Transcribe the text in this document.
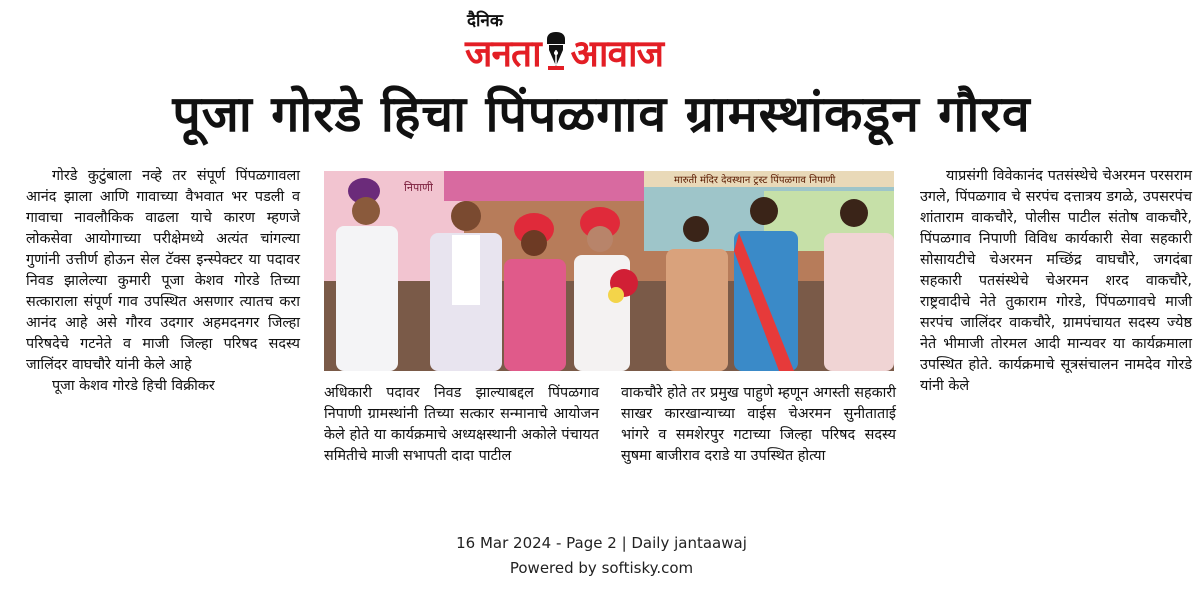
दैनिक
जनता आवाज
पूजा गोरडे हिचा पिंपळगाव ग्रामस्थांकडून गौरव

गोरडे कुटुंबाला नव्हे तर संपूर्ण पिंपळगावला आनंद झाला आणि गावाच्या वैभवात भर पडली व गावाचा नावलौकिक वाढला याचे कारण म्हणजे लोकसेवा आयोगाच्या परीक्षेमध्ये अत्यंत चांगल्या गुणांनी उत्तीर्ण होऊन सेल टॅक्स इन्स्पेक्टर या पदावर निवड झालेल्या कुमारी पूजा केशव गोरडे तिच्या सत्काराला संपूर्ण गाव उपस्थित असणार त्यातच करा आनंद आहे असे गौरव उदगार अहमदनगर जिल्हा परिषदेचे गटनेते व माजी जिल्हा परिषद सदस्य जालिंदर वाघचौरे यांनी केले आहे

पूजा केशव गोरडे हिची विक्रीकर

निपाणी
मारुती मंदिर देवस्थान ट्रस्ट पिंपळगाव निपाणी

अधिकारी पदावर निवड झाल्याबद्दल पिंपळगाव निपाणी ग्रामस्थांनी तिच्या सत्कार सन्मानाचे आयोजन केले होते या कार्यक्रमाचे अध्यक्षस्थानी अकोले पंचायत समितीचे माजी सभापती दादा पाटील

वाकचौरे होते तर प्रमुख पाहुणे म्हणून अगस्ती सहकारी साखर कारखान्याच्या वाईस चेअरमन सुनीताताई भांगरे व समशेरपुर गटाच्या जिल्हा परिषद सदस्य सुषमा बाजीराव दराडे या उपस्थित होत्या

याप्रसंगी विवेकानंद पतसंस्थेचे चेअरमन परसराम उगले, पिंपळगाव चे सरपंच दत्तात्रय डगळे, उपसरपंच शांताराम वाकचौरे, पोलीस पाटील संतोष वाकचौरे, पिंपळगाव निपाणी विविध कार्यकारी सेवा सहकारी सोसायटीचे चेअरमन मच्छिंद्र वाघचौरे, जगदंबा सहकारी पतसंस्थेचे चेअरमन शरद वाकचौरे, राष्ट्रवादीचे नेते तुकाराम गोरडे, पिंपळगावचे माजी सरपंच जालिंदर वाकचौरे, ग्रामपंचायत सदस्य ज्येष्ठ नेते भीमाजी तोरमल आदी मान्यवर या कार्यक्रमाला उपस्थित होते. कार्यक्रमाचे सूत्रसंचालन नामदेव गोरडे यांनी केले

16 Mar 2024 - Page 2 | Daily jantaawaj
Powered by softisky.com
